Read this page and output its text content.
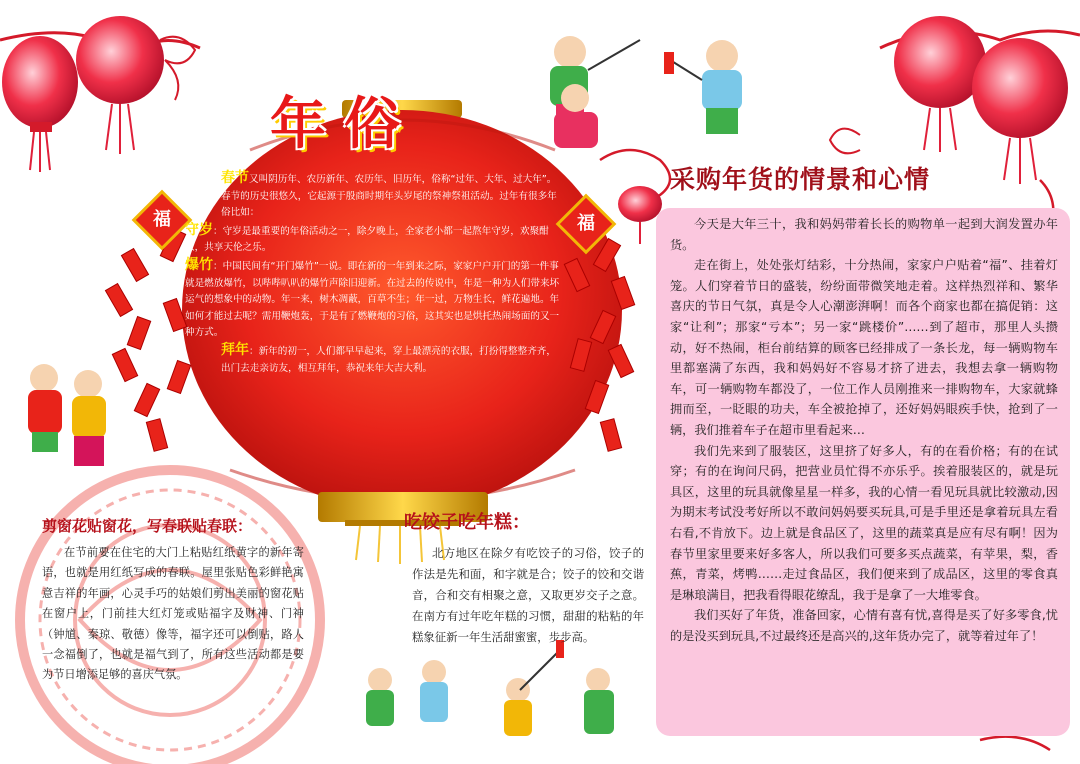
年俗
福	福

春节又叫阴历年、农历新年、农历年、旧历年，俗称“过年、大年、过大年”。春节的历史很悠久，它起源于殷商时期年头岁尾的祭神祭祖活动。过年有很多年俗比如：

守岁：守岁是最重要的年俗活动之一，除夕晚上，全家老小都一起熬年守岁，欢聚酣饮，共享天伦之乐。

爆竹：中国民间有“开门爆竹”一说。即在新的一年到来之际，家家户户开门的第一件事就是燃放爆竹，以哔哔叭叭的爆竹声除旧迎新。在过去的传说中，年是一种为人们带来坏运气的想象中的动物。年一来，树木凋蔽，百草不生；年一过，万物生长，鲜花遍地。年如何才能过去呢？需用鞭炮轰，于是有了燃鞭炮的习俗，这其实也是烘托热闹场面的又一种方式。

拜年：新年的初一，人们都早早起来，穿上最漂亮的衣服，打扮得整整齐齐，出门去走亲访友，相互拜年，恭祝来年大吉大利。

采购年货的情景和心情

今天是大年三十，我和妈妈带着长长的购物单一起到大润发置办年货。

走在街上，处处张灯结彩，十分热闹，家家户户贴着“福”、挂着灯笼。人们穿着节日的盛装，纷纷面带微笑地走着。这样热烈祥和、繁华喜庆的节日气氛，真是令人心潮澎湃啊！而各个商家也都在搞促销：这家“让利”；那家“亏本”；另一家“跳楼价”……到了超市，那里人头攒动，好不热闹，柜台前结算的顾客已经排成了一条长龙，每一辆购物车里都塞满了东西，我和妈妈好不容易才挤了进去，我想去拿一辆购物车，可一辆购物车都没了，一位工作人员刚推来一排购物车，大家就蜂拥而至，一眨眼的功夫，车全被抢掉了，还好妈妈眼疾手快，抢到了一辆，我们推着车子在超市里看起来…

我们先来到了服装区，这里挤了好多人，有的在看价格；有的在试穿；有的在询问尺码，把营业员忙得不亦乐乎。挨着服装区的，就是玩具区，这里的玩具就像星星一样多，我的心情一看见玩具就比较激动,因为期末考试没考好所以不敢问妈妈要买玩具,可是手里还是拿着玩具左看右看,不肯放下。边上就是食品区了，这里的蔬菜真是应有尽有啊！因为春节里家里要来好多客人，所以我们可要多买点蔬菜，有苹果，梨，香蕉，青菜，烤鸭……走过食品区，我们便来到了成品区，这里的零食真是琳琅满目，把我看得眼花缭乱，我于是拿了一大堆零食。

我们买好了年货，准备回家，心情有喜有忧,喜得是买了好多零食,忧的是没买到玩具,不过最终还是高兴的,这年货办完了，就等着过年了！

剪窗花贴窗花，写春联贴春联：
在节前要在住宅的大门上粘贴红纸黄字的新年寄语，也就是用红纸写成的春联。屋里张贴色彩鲜艳寓意吉祥的年画，心灵手巧的姑娘们剪出美丽的窗花贴在窗户上，门前挂大红灯笼或贴福字及财神、门神（钟馗、秦琼、敬德）像等，福字还可以倒贴，路人一念福倒了，也就是福气到了，所有这些活动都是要为节日增添足够的喜庆气氛。
吃饺子吃年糕：
北方地区在除夕有吃饺子的习俗，饺子的作法是先和面，和字就是合；饺子的饺和交谐音，合和交有相聚之意，又取更岁交子之意。在南方有过年吃年糕的习惯，甜甜的粘粘的年糕象征新一年生活甜蜜蜜，步步高。
